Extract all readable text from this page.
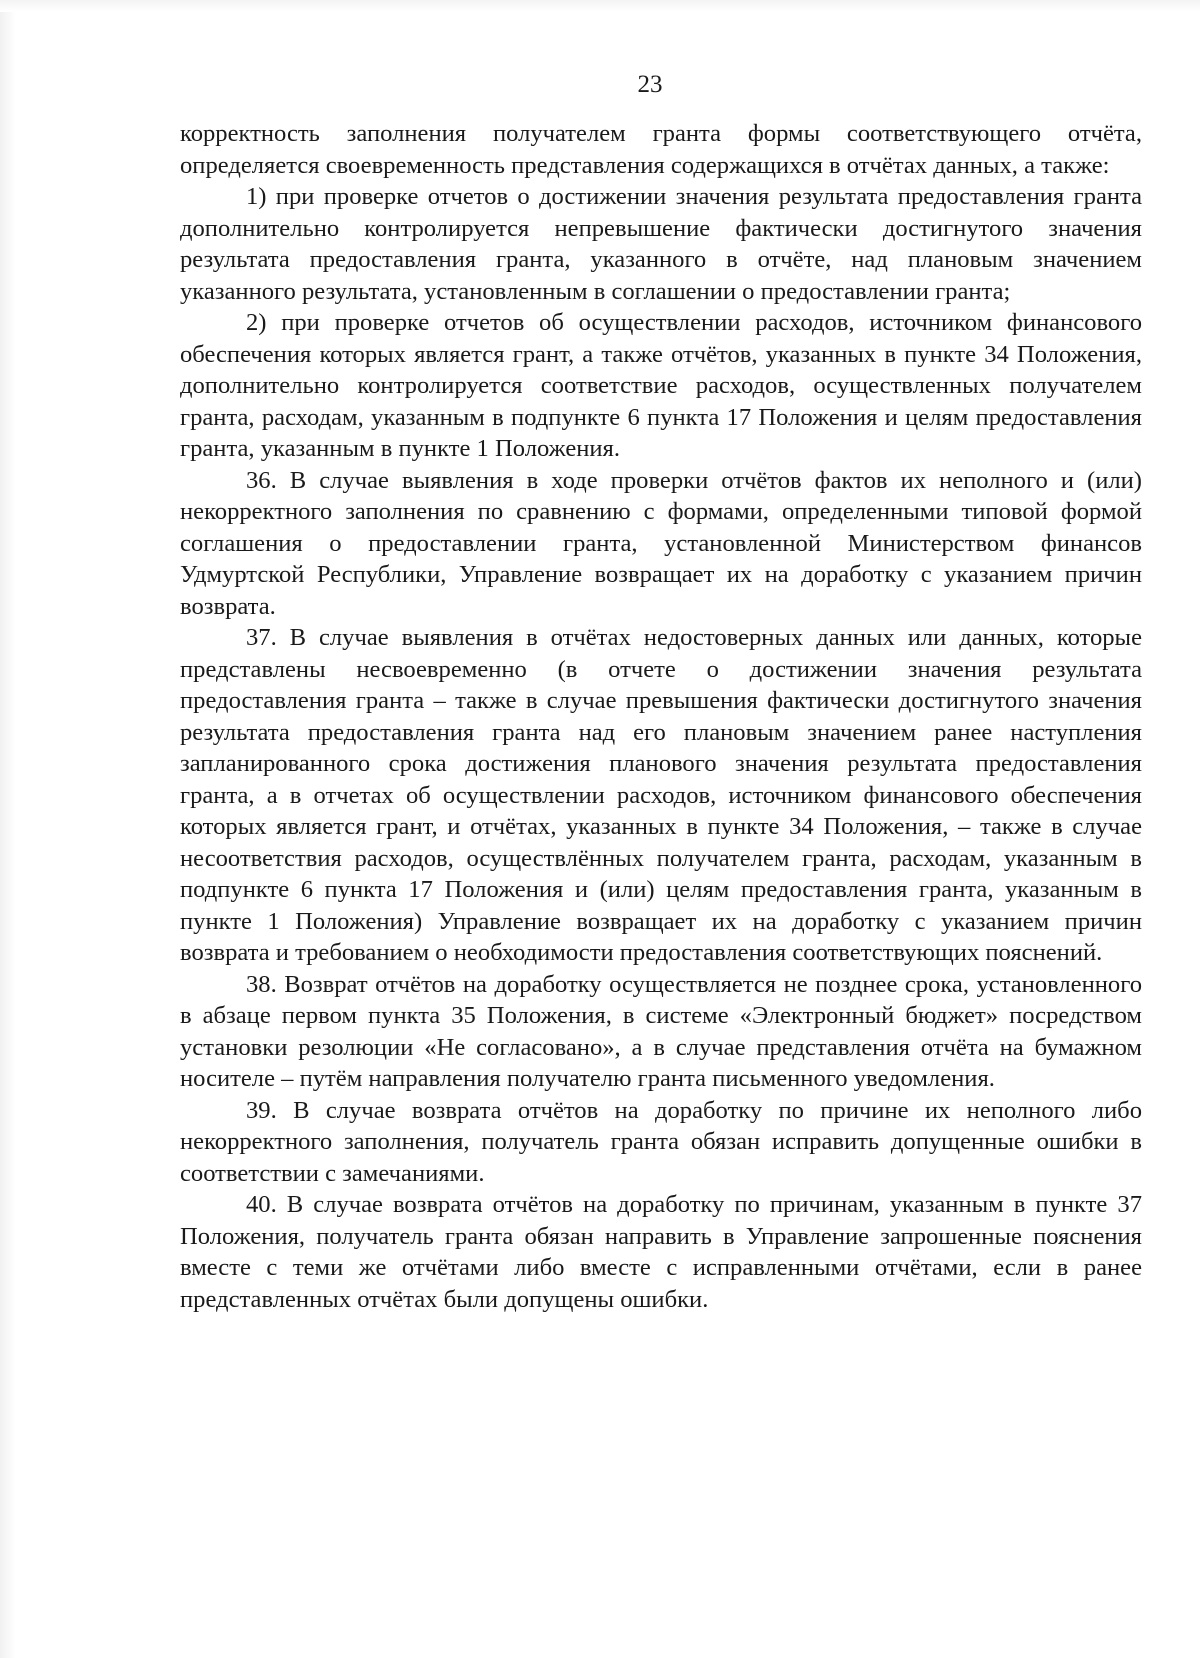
23

корректность заполнения получателем гранта формы соответствующего отчёта, определяется своевременность представления содержащихся в отчётах данных, а также:

1) при проверке отчетов о достижении значения результата предоставления гранта дополнительно контролируется непревышение фактически достигнутого значения результата предоставления гранта, указанного в отчёте, над плановым значением указанного результата, установленным в соглашении о предоставлении гранта;

2) при проверке отчетов об осуществлении расходов, источником финансового обеспечения которых является грант, а также отчётов, указанных в пункте 34 Положения, дополнительно контролируется соответствие расходов, осуществленных получателем гранта, расходам, указанным в подпункте 6 пункта 17 Положения и целям предоставления гранта, указанным в пункте 1 Положения.

36. В случае выявления в ходе проверки отчётов фактов их неполного и (или) некорректного заполнения по сравнению с формами, определенными типовой формой соглашения о предоставлении гранта, установленной Министерством финансов Удмуртской Республики, Управление возвращает их на доработку с указанием причин возврата.

37. В случае выявления в отчётах недостоверных данных или данных, которые представлены несвоевременно (в отчете о достижении значения результата предоставления гранта – также в случае превышения фактически достигнутого значения результата предоставления гранта над его плановым значением ранее наступления запланированного срока достижения планового значения результата предоставления гранта, а в отчетах об осуществлении расходов, источником финансового обеспечения которых является грант, и отчётах, указанных в пункте 34 Положения, – также в случае несоответствия расходов, осуществлённых получателем гранта, расходам, указанным в подпункте 6 пункта 17 Положения и (или) целям предоставления гранта, указанным в пункте 1 Положения) Управление возвращает их на доработку с указанием причин возврата и требованием о необходимости предоставления соответствующих пояснений.

38. Возврат отчётов на доработку осуществляется не позднее срока, установленного в абзаце первом пункта 35 Положения, в системе «Электронный бюджет» посредством установки резолюции «Не согласовано», а в случае представления отчёта на бумажном носителе – путём направления получателю гранта письменного уведомления.

39. В случае возврата отчётов на доработку по причине их неполного либо некорректного заполнения, получатель гранта обязан исправить допущенные ошибки в соответствии с замечаниями.

40. В случае возврата отчётов на доработку по причинам, указанным в пункте 37 Положения, получатель гранта обязан направить в Управление запрошенные пояснения вместе с теми же отчётами либо вместе с исправленными отчётами, если в ранее представленных отчётах были допущены ошибки.
